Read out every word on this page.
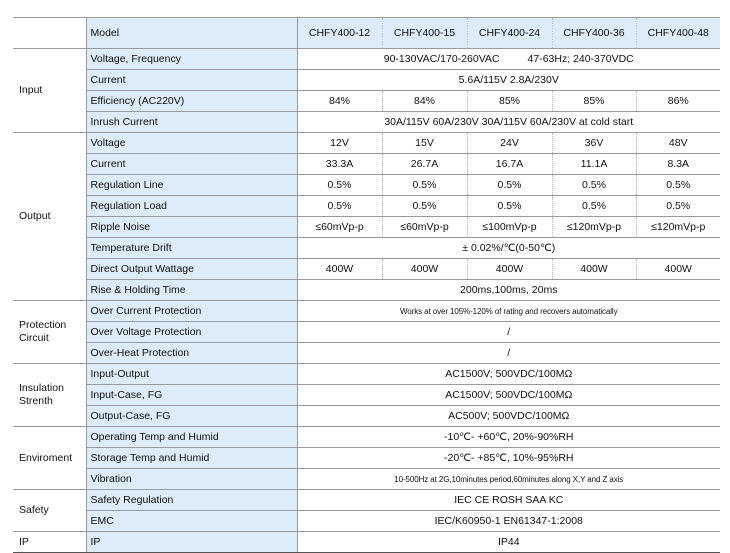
	Model	CHFY400-12	CHFY400-15	CHFY400-24	CHFY400-36	CHFY400-48
Input	Voltage, Frequency	90-130VAC/170-260VAC 47-63Hz; 240-370VDC				
	Current	5.6A/115V 2.8A/230V				
	Efficiency (AC220V)	84%	84%	85%	85%	86%
	Inrush Current	30A/115V 60A/230V 30A/115V 60A/230V at cold start				
Output	Voltage	12V	15V	24V	36V	48V
	Current	33.3A	26.7A	16.7A	11.1A	8.3A
	Regulation Line	0.5%	0.5%	0.5%	0.5%	0.5%
	Regulation Load	0.5%	0.5%	0.5%	0.5%	0.5%
	Ripple Noise	≤60mVp-p	≤60mVp-p	≤100mVp-p	≤120mVp-p	≤120mVp-p
	Temperature Drift	± 0.02%/℃(0-50℃)				
	Direct Output Wattage	400W	400W	400W	400W	400W
	Rise & Holding Time	200ms,100ms, 20ms				
Protection Circuit	Over Current Protection	Works at over 105%-120% of rating and recovers automatically				
	Over Voltage Protection	/				
	Over-Heat Protection	/				
Insulation Strenth	Input-Output	AC1500V; 500VDC/100MΩ				
	Input-Case, FG	AC1500V; 500VDC/100MΩ				
	Output-Case, FG	AC500V; 500VDC/100MΩ				
Enviroment	Operating Temp and Humid	-10℃- +60℃, 20%-90%RH				
	Storage Temp and Humid	-20℃- +85℃, 10%-95%RH				
	Vibration	10-500Hz at 2G,10minutes period,60minutes along X,Y and Z axis				
Safety	Safety Regulation	IEC CE ROSH SAA KC				
	EMC	IEC/K60950-1 EN61347-1:2008				
IP	IP	IP44				
